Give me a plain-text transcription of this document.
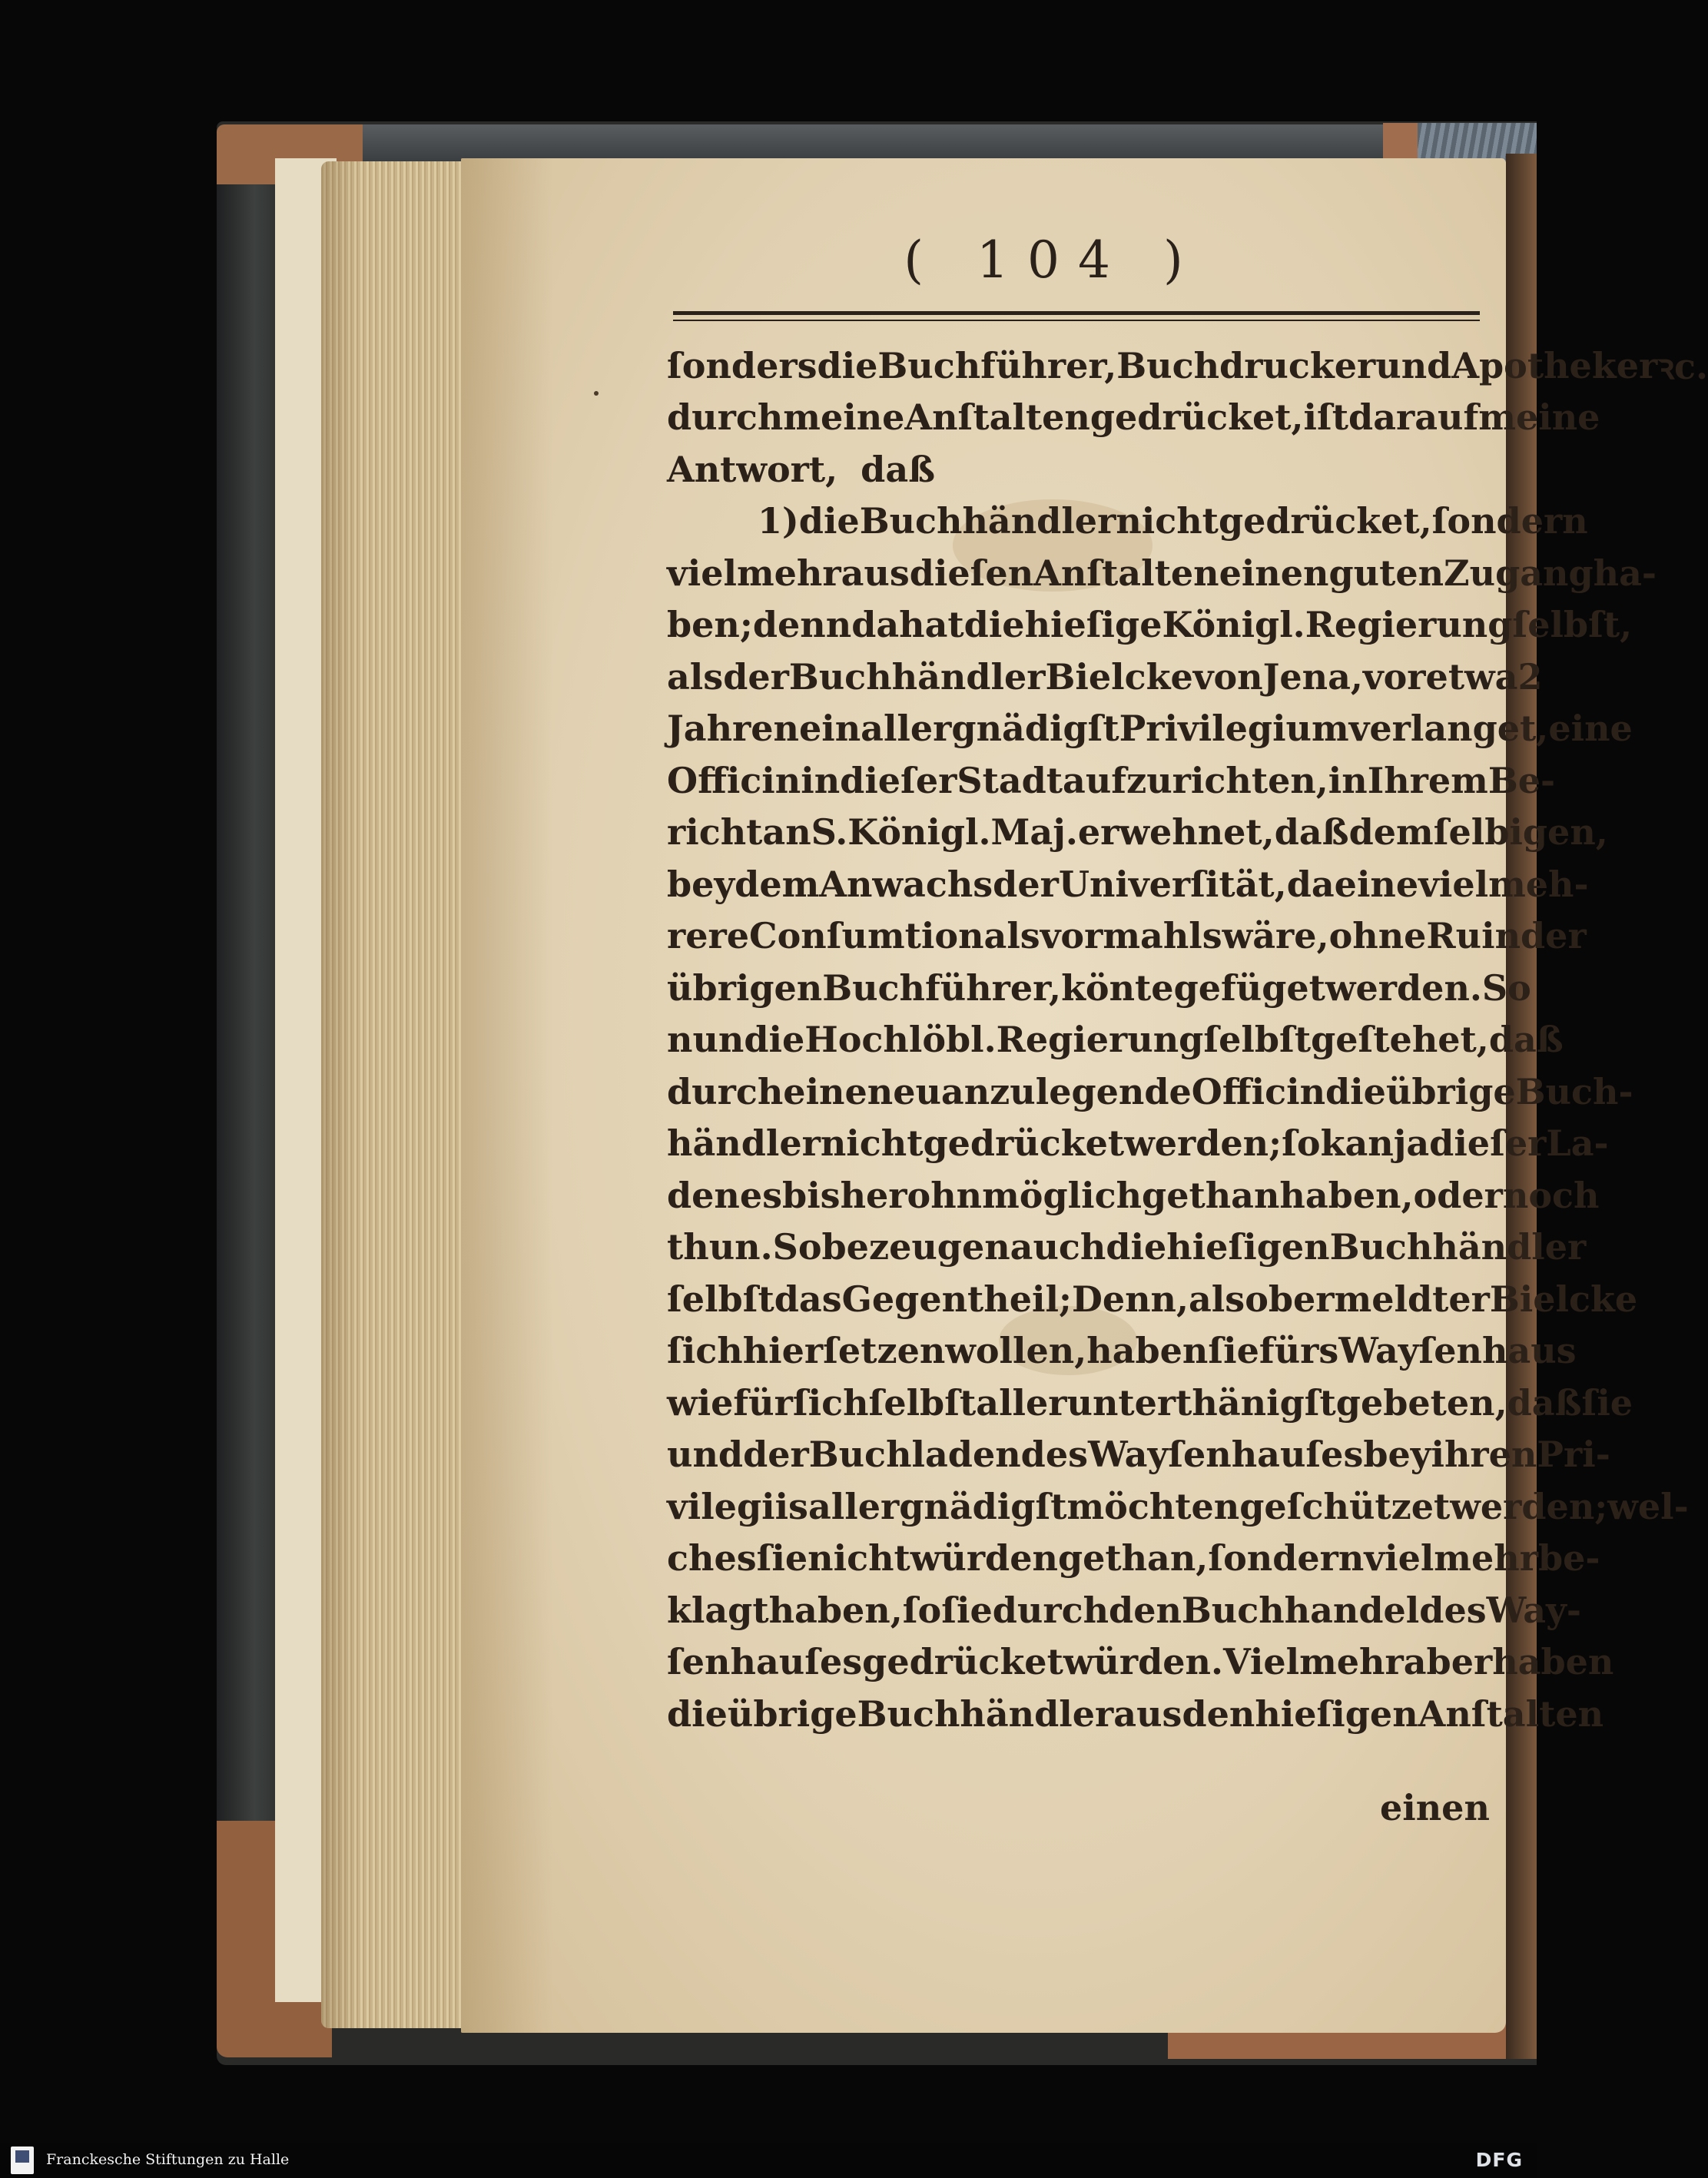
( 104 )
ſonders die Buchführer, Buchdrucker und Apotheker ꝛc.
durch meine Anſtalten gedrücket, iſt darauf meine
Antwort, daß
1) die Buchhändler nicht gedrücket, ſondern
vielmehr aus dieſen Anſtalten einen guten Zugang ha-
ben; denn da hat die hieſige Königl. Regierung ſelbſt,
als der Buchhändler Bielcke von Jena, vor etwa 2
Jahren ein allergnädigſt Privilegium verlanget, eine
Officin in dieſer Stadt aufzurichten, in Ihrem Be-
richt an S. Königl. Maj. erwehnet, daß demſelbigen,
bey dem Anwachs der Univerſität, da eine vielmeh-
rere Conſumtion als vormahls wäre, ohne Ruin der
übrigen Buchführer, könte gefüget werden. So
nun die Hochlöbl. Regierung ſelbſt geſtehet, daß
durch eine neu anzulegende Officin die übrige Buch-
händler nicht gedrücket werden; ſo kan ja dieſer La-
den es bisher ohnmöglich gethan haben, oder noch
thun. So bezeugen auch die hieſigen Buchhändler
ſelbſt das Gegentheil; Denn, als obermeldter Bielcke
ſich hier ſetzen wollen, haben ſie fürs Wayſenhaus
wie für ſich ſelbſt allerunterthänigſt gebeten, daß ſie
und der Buchladen des Wayſenhauſes bey ihren Pri-
vilegiis allergnädigſt möchten geſchützet werden; wel-
ches ſie nicht würden gethan, ſondern vielmehr be-
klagt haben, ſo ſie durch den Buchhandel des Way-
ſenhauſes gedrücket würden. Vielmehr aber haben
die übrige Buchhändler aus den hieſigen Anſtalten
einen
Franckesche Stiftungen zu Halle	DFG
